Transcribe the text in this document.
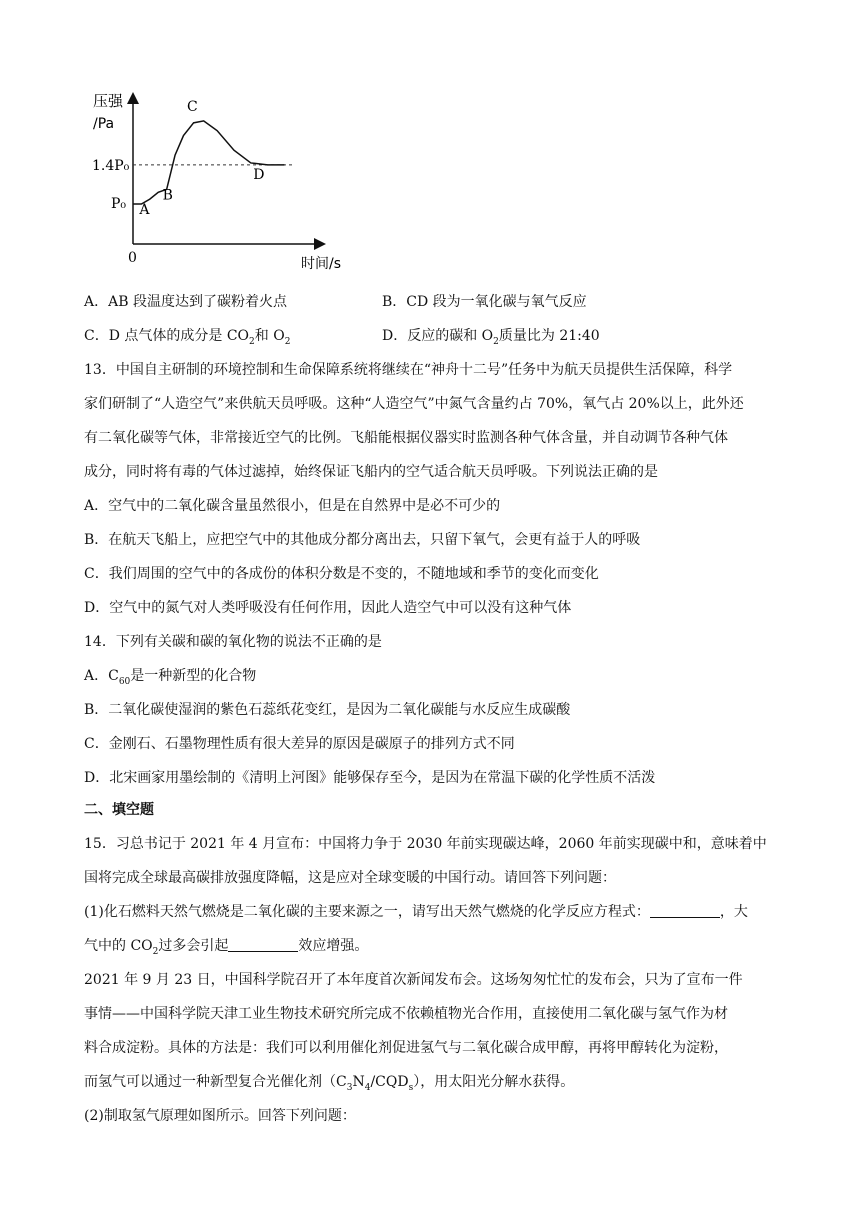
压强
/Pa
1.4P₀
P₀
0	时间/s
A
B
C
D
A．AB 段温度达到了碳粉着火点	B．CD 段为一氧化碳与氧气反应
C．D 点气体的成分是 $CO_2$和 $O_2$	D．反应的碳和 $O_2$质量比为 21:40
13．中国自主研制的环境控制和生命保障系统将继续在“神舟十二号”任务中为航天员提供生活保障，科学
家们研制了“人造空气”来供航天员呼吸。这种“人造空气”中氮气含量约占 70%，氧气占 20%以上，此外还
有二氧化碳等气体，非常接近空气的比例。飞船能根据仪器实时监测各种气体含量，并自动调节各种气体
成分，同时将有毒的气体过滤掉，始终保证飞船内的空气适合航天员呼吸。下列说法正确的是
A．空气中的二氧化碳含量虽然很小，但是在自然界中是必不可少的
B．在航天飞船上，应把空气中的其他成分都分离出去，只留下氧气，会更有益于人的呼吸
C．我们周围的空气中的各成份的体积分数是不变的，不随地域和季节的变化而变化
D．空气中的氮气对人类呼吸没有任何作用，因此人造空气中可以没有这种气体
14．下列有关碳和碳的氧化物的说法不正确的是
A．$C_{60}$是一种新型的化合物
B．二氧化碳使湿润的紫色石蕊纸花变红，是因为二氧化碳能与水反应生成碳酸
C．金刚石、石墨物理性质有很大差异的原因是碳原子的排列方式不同
D．北宋画家用墨绘制的《清明上河图》能够保存至今，是因为在常温下碳的化学性质不活泼
二、填空题
15．习总书记于 2021 年 4 月宣布：中国将力争于 2030 年前实现碳达峰，2060 年前实现碳中和，意味着中
国将完成全球最高碳排放强度降幅，这是应对全球变暖的中国行动。请回答下列问题：
(1)化石燃料天然气燃烧是二氧化碳的主要来源之一，请写出天然气燃烧的化学反应方程式：	，大
气中的 $CO_2$过多会引起	效应增强。
2021 年 9 月 23 日，中国科学院召开了本年度首次新闻发布会。这场匆匆忙忙的发布会，只为了宣布一件
事情——中国科学院天津工业生物技术研究所完成不依赖植物光合作用，直接使用二氧化碳与氢气作为材
料合成淀粉。具体的方法是：我们可以利用催化剂促进氢气与二氧化碳合成甲醇，再将甲醇转化为淀粉，
而氢气可以通过一种新型复合光催化剂$(C_3N_4/CQD_s)$，用太阳光分解水获得。
(2)制取氢气原理如图所示。回答下列问题：
